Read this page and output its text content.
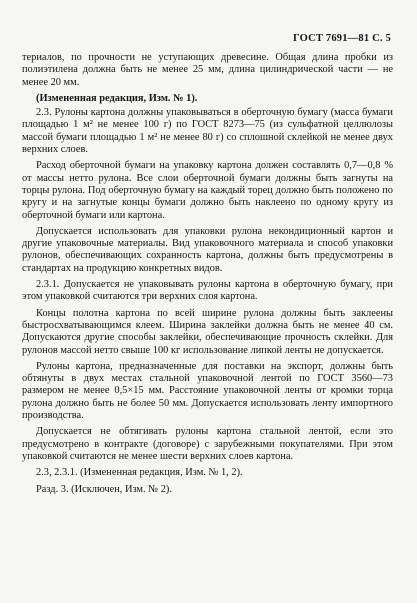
ГОСТ 7691—81 С. 5

териалов, по прочности не уступающих древесине. Общая длина пробки из полиэтилена должна быть не менее 25 мм, длина цилиндрической части — не менее 20 мм.

(Измененная редакция, Изм. № 1).

2.3. Рулоны картона должны упаковываться в оберточную бумагу (масса бумаги площадью 1 м² не менее 100 г) по ГОСТ 8273—75 (из сульфатной целлюлозы массой бумаги площадью 1 м² не менее 80 г) со сплошной склейкой не менее двух верхних слоев.

Расход оберточной бумаги на упаковку картона должен составлять 0,7—0,8 % от массы нетто рулона. Все слои оберточной бумаги должны быть загнуты на торцы рулона. Под оберточную бумагу на каждый торец должно быть положено по кругу и на загнутые концы бумаги должно быть наклеено по одному кругу из оберточной бумаги или картона.

Допускается использовать для упаковки рулона некондиционный картон и другие упаковочные материалы. Вид упаковочного материала и способ упаковки рулонов, обеспечивающих сохранность картона, должны быть предусмотрены в стандартах на продукцию конкретных видов.

2.3.1. Допускается не упаковывать рулоны картона в оберточную бумагу, при этом упаковкой считаются три верхних слоя картона.

Концы полотна картона по всей ширине рулона должны быть заклеены быстросхватывающимся клеем. Ширина заклейки должна быть не менее 40 см. Допускаются другие способы заклейки, обеспечивающие прочность склейки. Для рулонов массой нетто свыше 100 кг использование липкой ленты не допускается.

Рулоны картона, предназначенные для поставки на экспорт, должны быть обтянуты в двух местах стальной упаковочной лентой по ГОСТ 3560—73 размером не менее 0,5×15 мм. Расстояние упаковочной ленты от кромки торца рулона должно быть не более 50 мм. Допускается использовать ленту импортного производства.

Допускается не обтягивать рулоны картона стальной лентой, если это предусмотрено в контракте (договоре) с зарубежными покупателями. При этом упаковкой считаются не менее шести верхних слоев картона.

2.3, 2.3.1. (Измененная редакция, Изм. № 1, 2).

Разд. 3. (Исключен, Изм. № 2).
